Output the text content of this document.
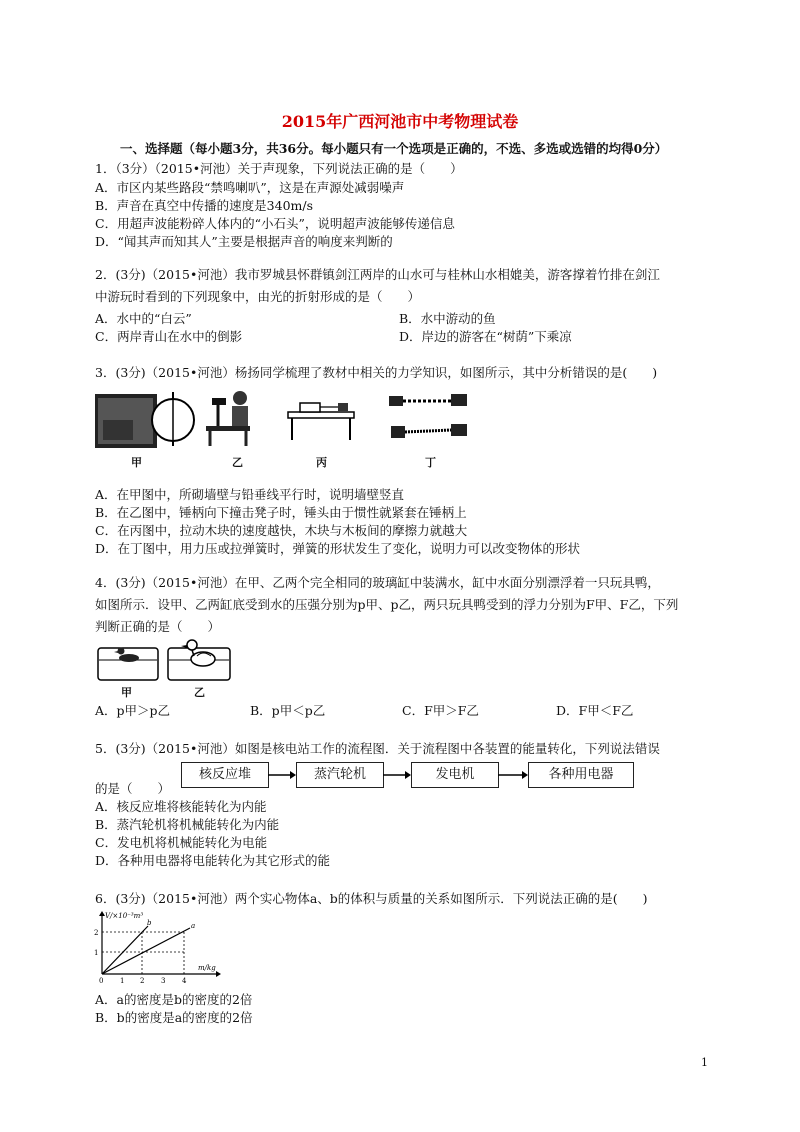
2015年广西河池市中考物理试卷
一、选择题（每小题3分，共36分。每小题只有一个选项是正确的，不选、多选或选错的均得0分）
1．（3分）（2015•河池）关于声现象，下列说法正确的是（　　）
A．市区内某些路段“禁鸣喇叭”，这是在声源处减弱噪声
B．声音在真空中传播的速度是340m/s
C．用超声波能粉碎人体内的“小石头”，说明超声波能够传递信息
D．“闻其声而知其人”主要是根据声音的响度来判断的
2．(3分)（2015•河池）我市罗城县怀群镇剑江两岸的山水可与桂林山水相媲美，游客撑着竹排在剑江
中游玩时看到的下列现象中，由光的折射形成的是（　　）
A．水中的“白云”	B．水中游动的鱼
C．两岸青山在水中的倒影	D．岸边的游客在“树荫”下乘凉
3．(3分)（2015•河池）杨扬同学梳理了教材中相关的力学知识，如图所示，其中分析错误的是(　　)
甲	乙	丙	丁
A．在甲图中，所砌墙壁与铅垂线平行时，说明墙壁竖直
B．在乙图中，锤柄向下撞击凳子时，锤头由于惯性就紧套在锤柄上
C．在丙图中，拉动木块的速度越快，木块与木板间的摩擦力就越大
D．在丁图中，用力压或拉弹簧时，弹簧的形状发生了变化，说明力可以改变物体的形状
4．(3分)（2015•河池）在甲、乙两个完全相同的玻璃缸中装满水，缸中水面分别漂浮着一只玩具鸭，
如图所示．设甲、乙两缸底受到水的压强分别为p甲、p乙，两只玩具鸭受到的浮力分别为F甲、F乙，下列
判断正确的是（　　）
甲	乙
A．p甲＞p乙	B．p甲＜p乙	C．F甲＞F乙	D．F甲＜F乙
5．(3分)（2015•河池）如图是核电站工作的流程图．关于流程图中各装置的能量转化，下列说法错误
的是（　　）
核反应堆	蒸汽轮机	发电机	各种用电器
A．核反应堆将核能转化为内能
B．蒸汽轮机将机械能转化为内能
C．发电机将机械能转化为电能
D．各种用电器将电能转化为其它形式的能
6．(3分)（2015•河池）两个实心物体a、b的体积与质量的关系如图所示．下列说法正确的是(　　)
V/×10⁻³m³
m/kg
1
2
0 1 2 3 4
a
b
A．a的密度是b的密度的2倍
B．b的密度是a的密度的2倍
1
